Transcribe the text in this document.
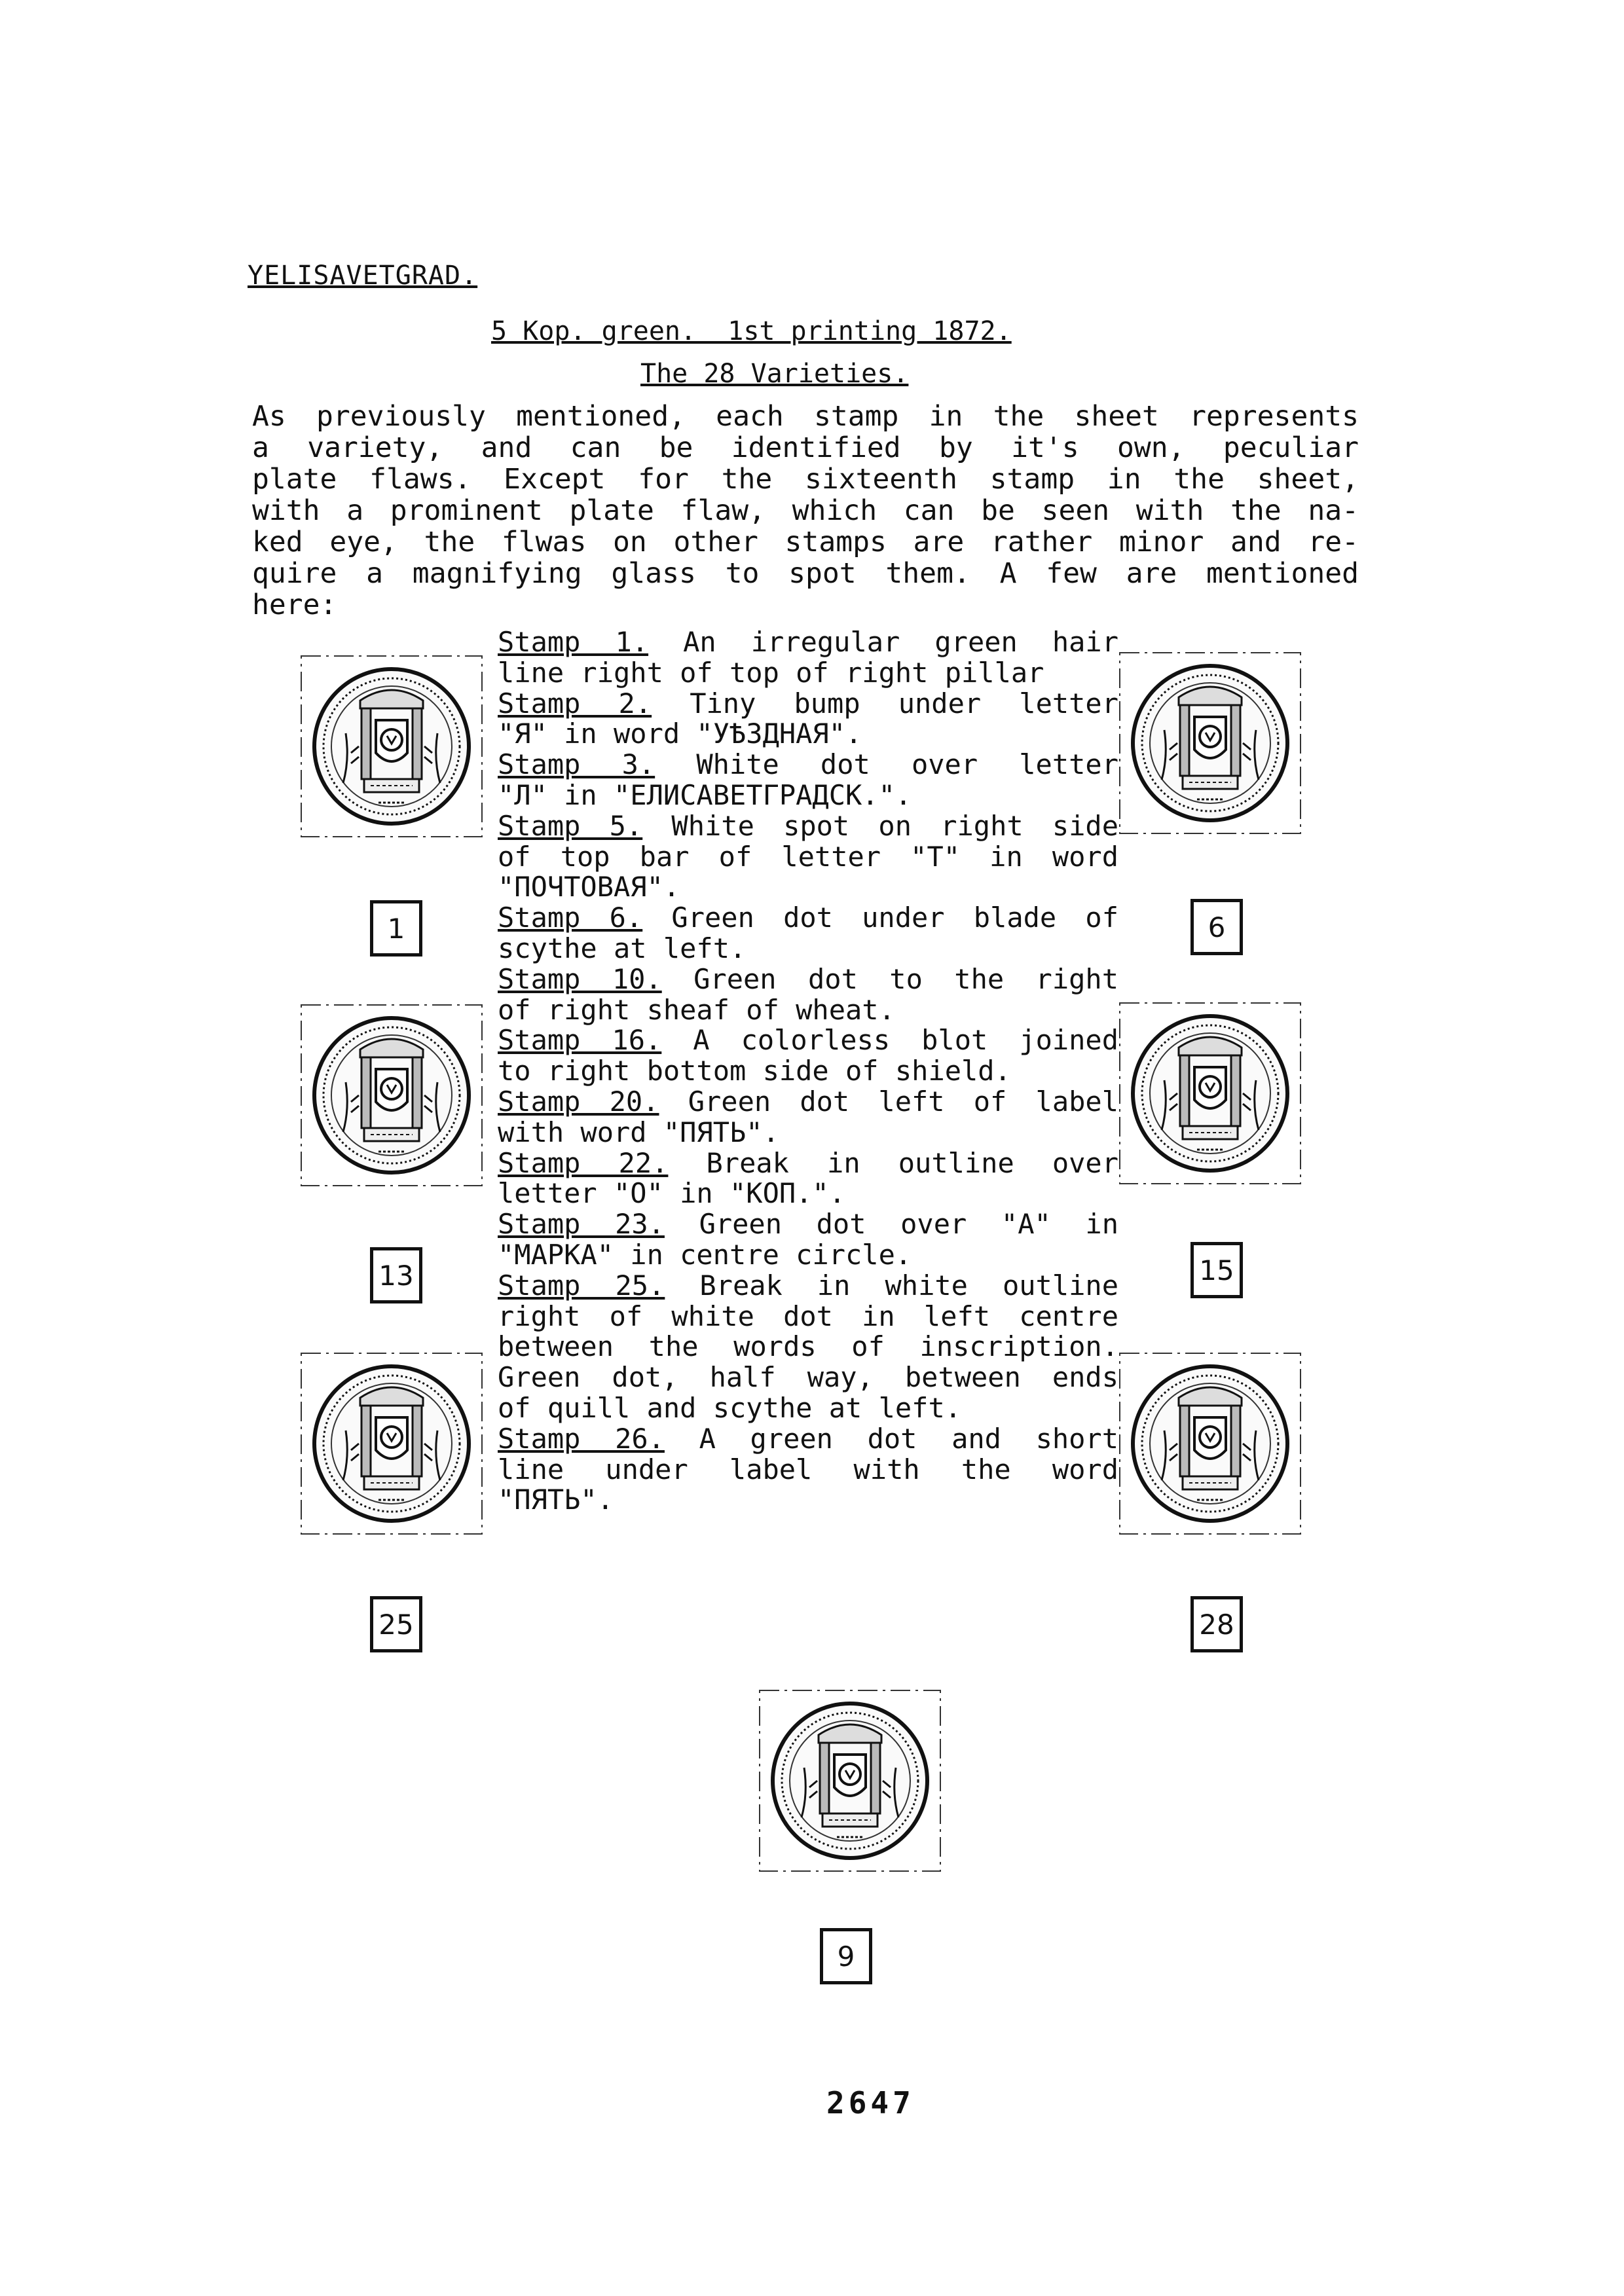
YELISAVETGRAD.
5 Kop. green.  1st printing 1872.
The 28 Varieties.
As previously mentioned, each stamp in the sheet represents
a variety, and can be identified by it's own, peculiar
plate flaws. Except for the sixteenth stamp in the sheet,
with a prominent plate flaw, which can be seen with the na-
ked eye, the flwas on other stamps are rather minor and re-
quire a magnifying glass to spot them. A few are mentioned
here:
Stamp 1. An irregular green hair
line right of top of right pillar
Stamp 2. Tiny bump under letter
"Я" in word "УѢЗДНАЯ".
Stamp 3. White dot over letter
"Л" in "ЕЛИСАВЕТГРАДСК.".
Stamp 5. White spot on right side
of top bar of letter "T" in word
"ПОЧТОВАЯ".
Stamp 6. Green dot under blade of
scythe at left.
Stamp 10. Green dot to the right
of right sheaf of wheat.
Stamp 16. A colorless blot joined
to right bottom side of shield.
Stamp 20. Green dot left of label
with word "ПЯТЬ".
Stamp 22. Break in outline over
letter "O" in "КОП.".
Stamp 23. Green dot over "A" in
"МАРКА" in centre circle.
Stamp 25. Break in white outline
right of white dot in left centre
between the words of inscription.
Green dot, half way, between ends
of quill and scythe at left.
Stamp 26. A green dot and short
line under label with the word
"ПЯТЬ".
1
13
25
6
15
28
9
2647
